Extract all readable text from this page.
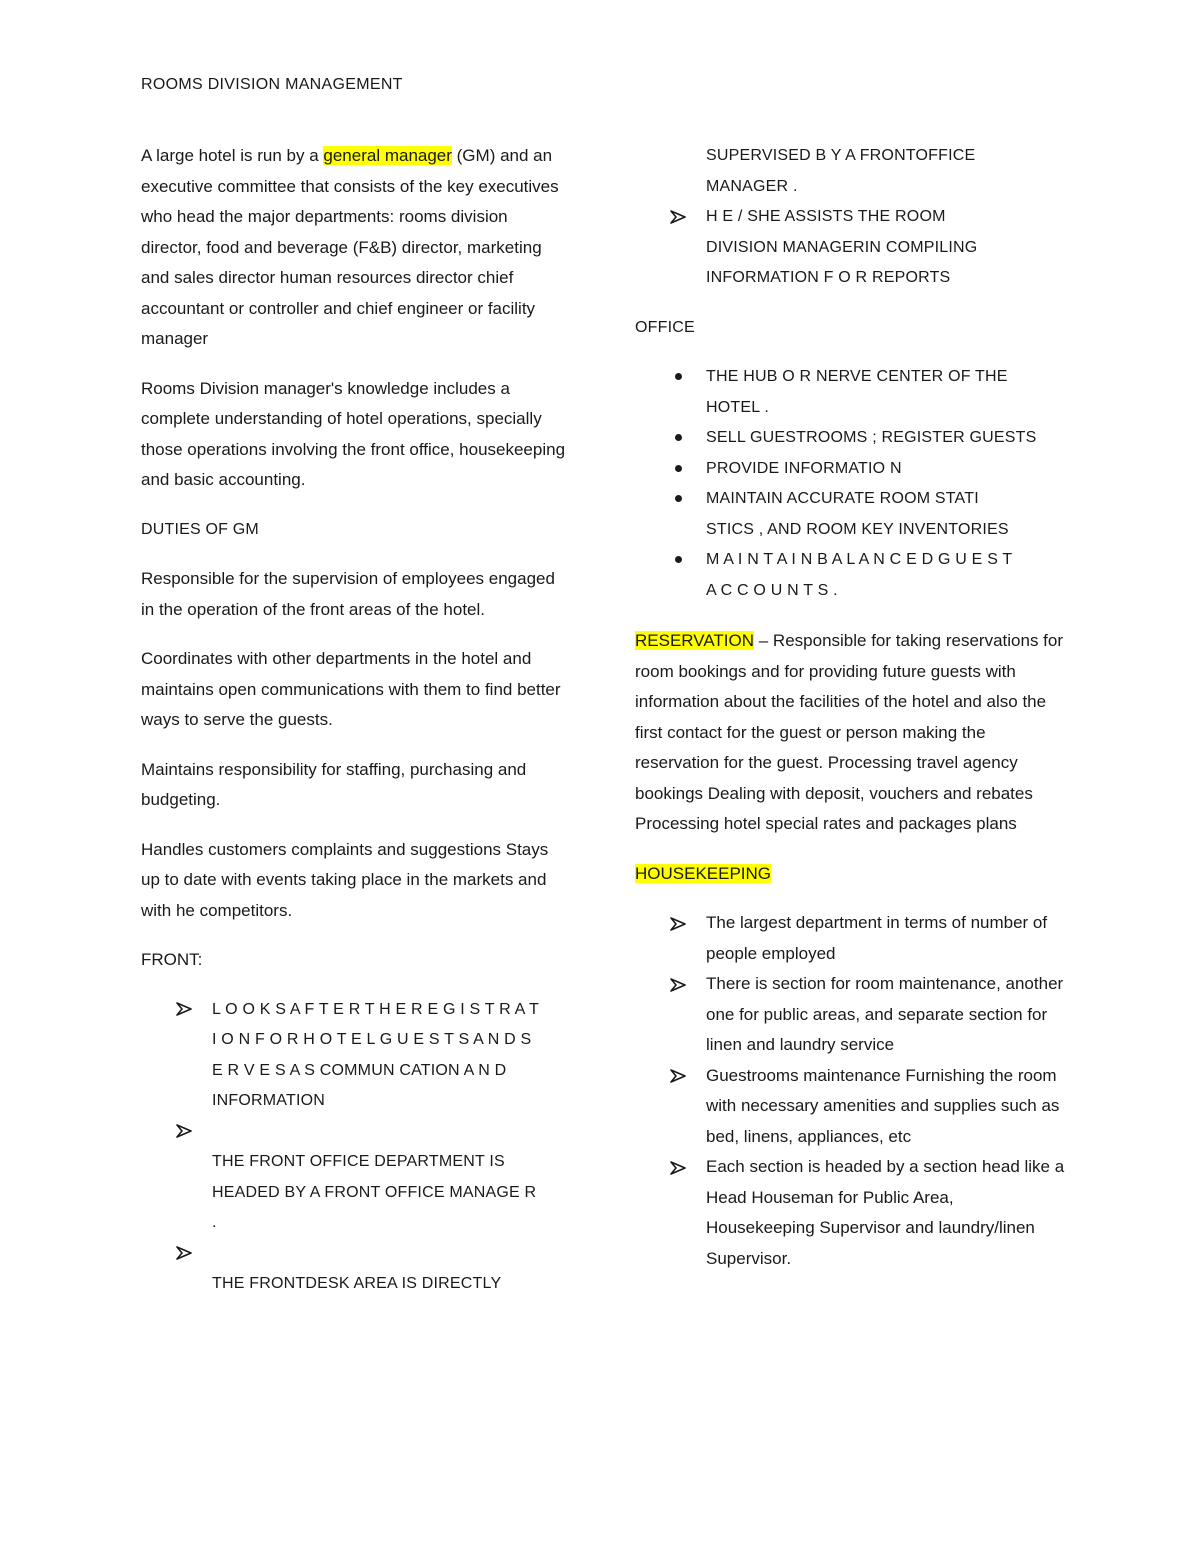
ROOMS DIVISION MANAGEMENT

A large hotel is run by a general manager (GM) and an executive committee that consists of the key executives who head the major departments: rooms division director, food and beverage (F&B) director, marketing and sales director human resources director chief accountant or controller and chief engineer or facility manager

Rooms Division manager's knowledge includes a complete understanding of hotel operations, specially those operations involving the front office, housekeeping and basic accounting.

DUTIES OF GM

Responsible for the supervision of employees engaged in the operation of the front areas of the hotel.

Coordinates with other departments in the hotel and maintains open communications with them to find better ways to serve the guests.

Maintains responsibility for staffing, purchasing and budgeting.

Handles customers complaints and suggestions Stays up to date with events taking place in the markets and with he competitors.

FRONT:

L O O K S A F T E R T H E R E G I S T R A T
I O N F O R H O T E L G U E S T S A N D S
E R V E S A S COMMUN CATION A N D
INFORMATION

THE FRONT OFFICE DEPARTMENT IS
HEADED BY A FRONT OFFICE MANAGE R
.

THE FRONTDESK AREA IS DIRECTLY
SUPERVISED B Y A FRONTOFFICE
MANAGER .
H E / SHE ASSISTS THE ROOM
DIVISION MANAGERIN COMPILING
INFORMATION F O R REPORTS

OFFICE

THE HUB O R NERVE CENTER OF THE
HOTEL .
SELL GUESTROOMS ; REGISTER GUESTS
PROVIDE INFORMATIO N
MAINTAIN ACCURATE ROOM STATI
STICS , AND ROOM KEY INVENTORIES
M A I N T A I N B A L A N C E D G U E S T
A C C O U N T S .

RESERVATION – Responsible for taking reservations for room bookings and for providing future guests with information about the facilities of the hotel and also the first contact for the guest or person making the reservation for the guest. Processing travel agency bookings Dealing with deposit, vouchers and rebates Processing hotel special rates and packages plans

HOUSEKEEPING

The largest department in terms of number of people employed
There is section for room maintenance, another one for public areas, and separate section for linen and laundry service
Guestrooms maintenance Furnishing the room with necessary amenities and supplies such as bed, linens, appliances, etc
Each section is headed by a section head like a Head Houseman for Public Area, Housekeeping Supervisor and laundry/linen Supervisor.
